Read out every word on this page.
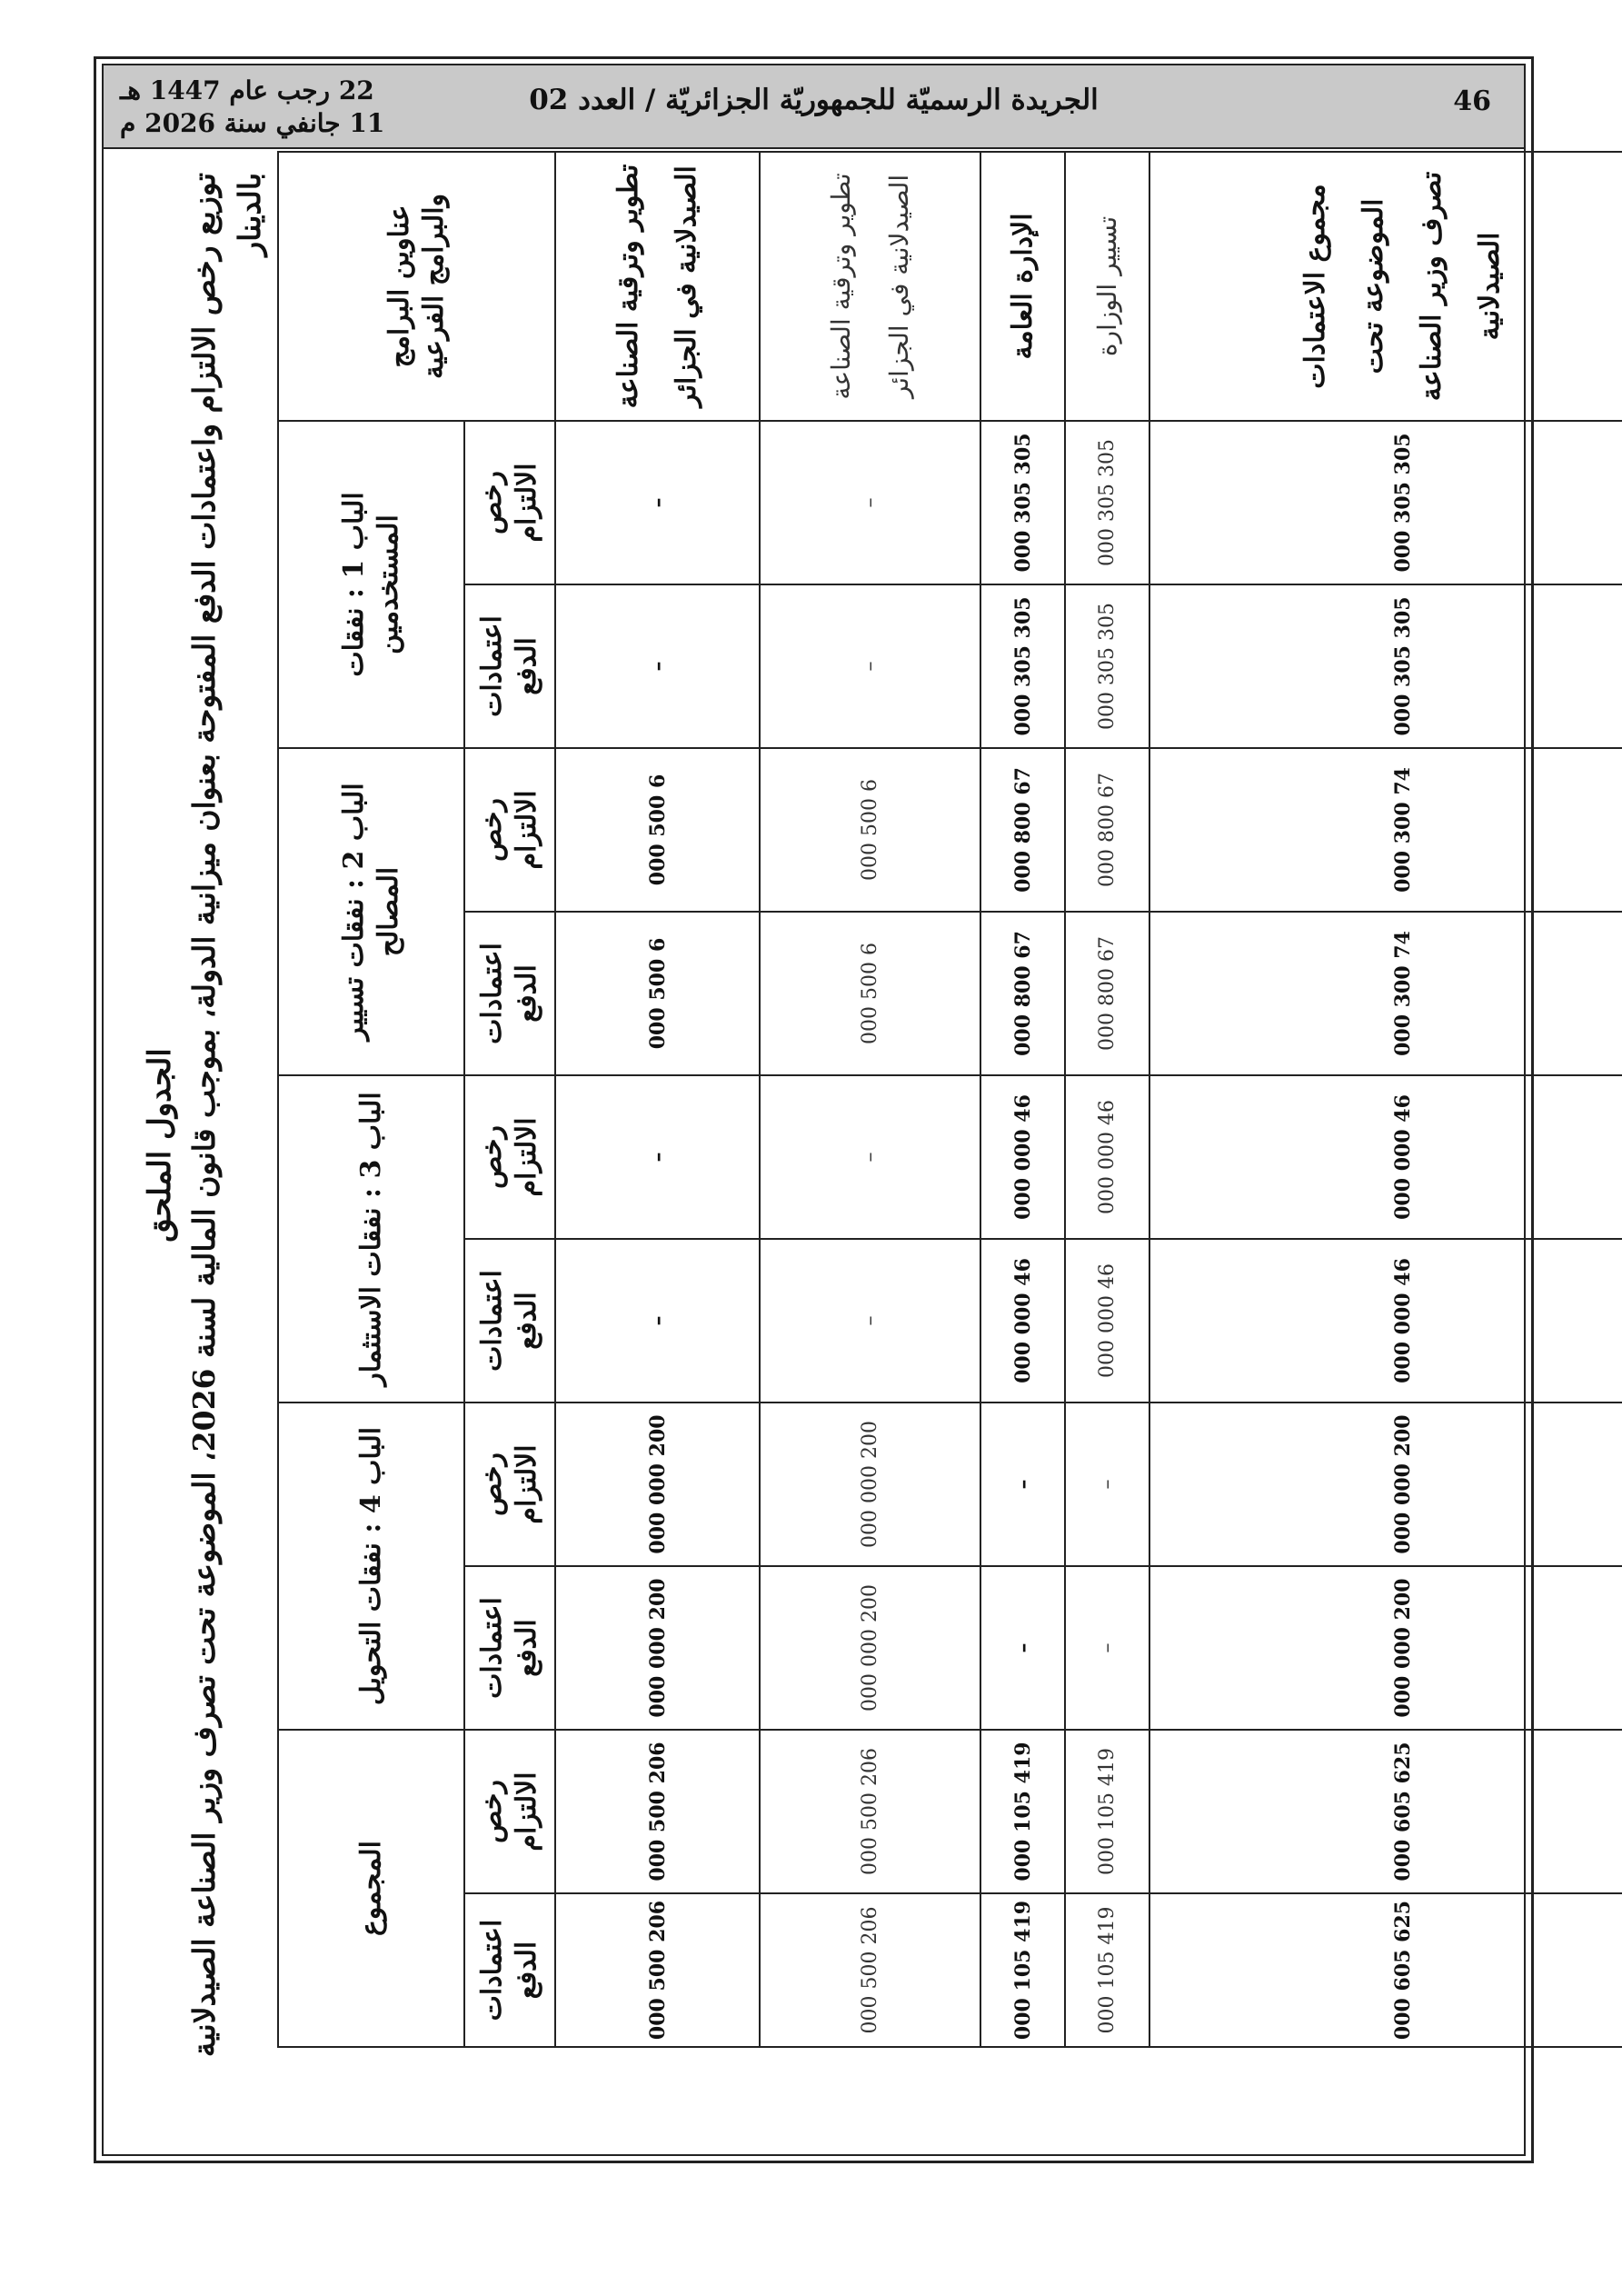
46
الجريدة الرسميّة للجمهوريّة الجزائريّة / العدد 02
22 رجب عام 1447 هـ
11 جانفي سنة 2026 م
الجدول الملحق
توزيع رخص الالتزام واعتمادات الدفع المفتوحة بعنوان ميزانية الدولة، بموجب قانون المالية لسنة 2026، الموضوعة تحت تصرف وزير الصناعة الصيدلانية بالدينار	عناوين البرامج والبرامج الفرعية	الباب 1 : نفقات المستخدمين		الباب 2 : نفقات تسيير المصالح		الباب 3 : نفقات الاستثمار		الباب 4 : نفقات التحويل		المجموع	
	رخص الالتزام	اعتمادات الدفع	رخص الالتزام	اعتمادات الدفع	رخص الالتزام	اعتمادات الدفع	رخص الالتزام	اعتمادات الدفع	رخص الالتزام	اعتمادات الدفع
تطوير وترقية الصناعة الصيدلانية في الجزائر	–	–	6 500 000	6 500 000	–	–	200 000 000	200 000 000	206 500 000	206 500 000
تطوير وترقية الصناعة الصيدلانية في الجزائر	–	–	6 500 000	6 500 000	–	–	200 000 000	200 000 000	206 500 000	206 500 000
الإدارة العامة	305 305 000	305 305 000	67 800 000	67 800 000	46 000 000	46 000 000	–	–	419 105 000	419 105 000
تسيير الوزارة	305 305 000	305 305 000	67 800 000	67 800 000	46 000 000	46 000 000	–	–	419 105 000	419 105 000
مجموع الاعتمادات الموضوعة تحت تصرف وزير الصناعة الصيدلانية	305 305 000	305 305 000	74 300 000	74 300 000	46 000 000	46 000 000	200 000 000	200 000 000	625 605 000	625 605 000
